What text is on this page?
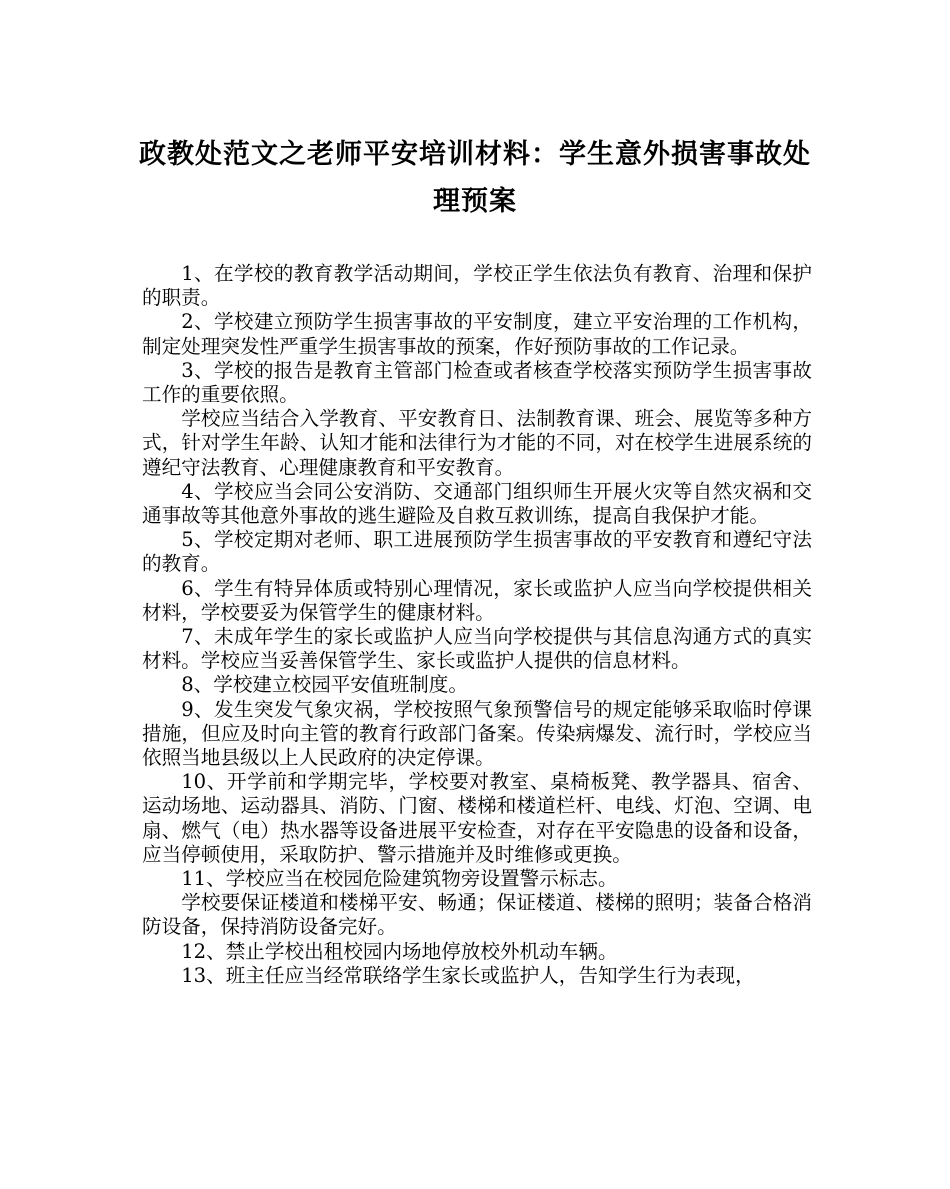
政教处范文之老师平安培训材料：学生意外损害事故处
理预案

1、在学校的教育教学活动期间，学校正学生依法负有教育、治理和保护的职责。

2、学校建立预防学生损害事故的平安制度，建立平安治理的工作机构，制定处理突发性严重学生损害事故的预案，作好预防事故的工作记录。

3、学校的报告是教育主管部门检查或者核查学校落实预防学生损害事故工作的重要依照。

学校应当结合入学教育、平安教育日、法制教育课、班会、展览等多种方式，针对学生年龄、认知才能和法律行为才能的不同，对在校学生进展系统的遵纪守法教育、心理健康教育和平安教育。

4、学校应当会同公安消防、交通部门组织师生开展火灾等自然灾祸和交通事故等其他意外事故的逃生避险及自救互救训练，提高自我保护才能。

5、学校定期对老师、职工进展预防学生损害事故的平安教育和遵纪守法的教育。

6、学生有特异体质或特别心理情况，家长或监护人应当向学校提供相关材料，学校要妥为保管学生的健康材料。

7、未成年学生的家长或监护人应当向学校提供与其信息沟通方式的真实材料。学校应当妥善保管学生、家长或监护人提供的信息材料。

8、学校建立校园平安值班制度。

9、发生突发气象灾祸，学校按照气象预警信号的规定能够采取临时停课措施，但应及时向主管的教育行政部门备案。传染病爆发、流行时，学校应当依照当地县级以上人民政府的决定停课。

10、开学前和学期完毕，学校要对教室、桌椅板凳、教学器具、宿舍、运动场地、运动器具、消防、门窗、楼梯和楼道栏杆、电线、灯泡、空调、电扇、燃气（电）热水器等设备进展平安检查，对存在平安隐患的设备和设备，应当停顿使用，采取防护、警示措施并及时维修或更换。

11、学校应当在校园危险建筑物旁设置警示标志。

学校要保证楼道和楼梯平安、畅通；保证楼道、楼梯的照明；装备合格消防设备，保持消防设备完好。

12、禁止学校出租校园内场地停放校外机动车辆。

13、班主任应当经常联络学生家长或监护人，告知学生行为表现，
